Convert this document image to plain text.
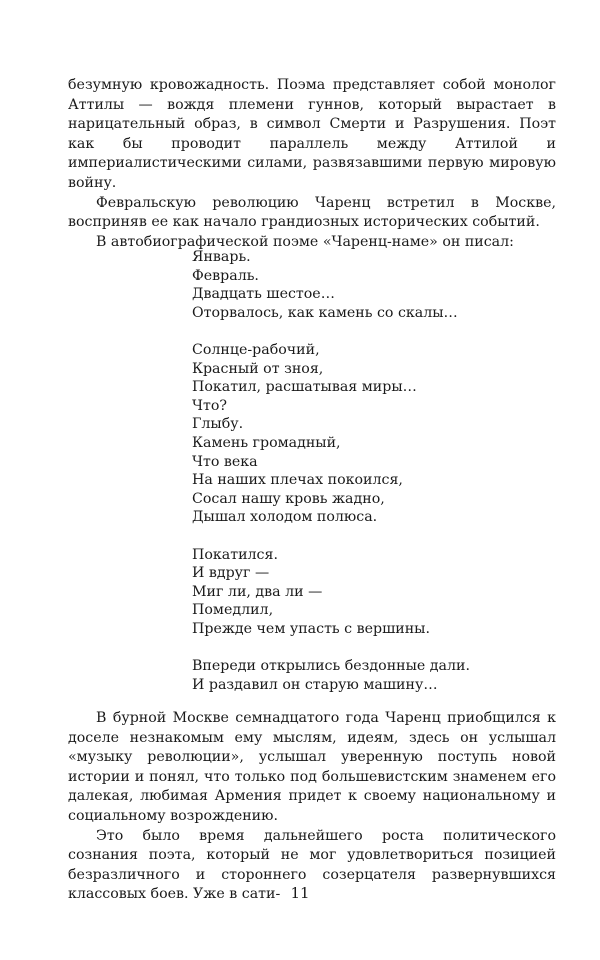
безумную кровожадность. Поэма представляет собой монолог Аттилы — вождя племени гуннов, который вырастает в нарицательный образ, в символ Смерти и Разрушения. Поэт как бы проводит параллель между Аттилой и империалистическими силами, развязавшими первую мировую войну.

Февральскую революцию Чаренц встретил в Москве, восприняв ее как начало грандиозных исторических событий.

В автобиографической поэме «Чаренц-наме» он писал:

Январь.
Февраль.
Двадцать шестое…
Оторвалось, как камень со скалы…
Солнце-рабочий,
Красный от зноя,
Покатил, расшатывая миры…
Что?
Глыбу.
Камень громадный,
Что века
На наших плечах покоился,
Сосал нашу кровь жадно,
Дышал холодом полюса.
Покатился.
И вдруг —
Миг ли, два ли —
Помедлил,
Прежде чем упасть с вершины.
Впереди открылись бездонные дали.
И раздавил он старую машину…

В бурной Москве семнадцатого года Чаренц приобщился к доселе незнакомым ему мыслям, идеям, здесь он услышал «музыку революции», услышал уверенную поступь новой истории и понял, что только под большевистским знаменем его далекая, любимая Армения придет к своему национальному и социальному возрождению.

Это было время дальнейшего роста политического сознания поэта, который не мог удовлетвориться позицией безразличного и стороннего созерцателя развернувшихся классовых боев. Уже в сати- 11
